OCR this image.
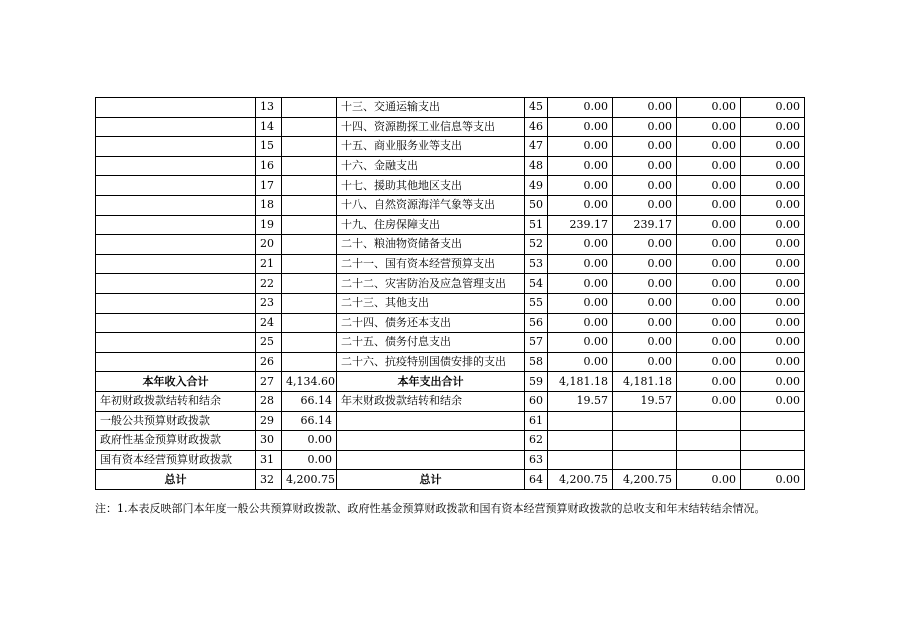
	13		十三、交通运输支出	45	0.00	0.00	0.00	0.00
	14		十四、资源勘探工业信息等支出	46	0.00	0.00	0.00	0.00
	15		十五、商业服务业等支出	47	0.00	0.00	0.00	0.00
	16		十六、金融支出	48	0.00	0.00	0.00	0.00
	17		十七、援助其他地区支出	49	0.00	0.00	0.00	0.00
	18		十八、自然资源海洋气象等支出	50	0.00	0.00	0.00	0.00
	19		十九、住房保障支出	51	239.17	239.17	0.00	0.00
	20		二十、粮油物资储备支出	52	0.00	0.00	0.00	0.00
	21		二十一、国有资本经营预算支出	53	0.00	0.00	0.00	0.00
	22		二十二、灾害防治及应急管理支出	54	0.00	0.00	0.00	0.00
	23		二十三、其他支出	55	0.00	0.00	0.00	0.00
	24		二十四、债务还本支出	56	0.00	0.00	0.00	0.00
	25		二十五、债务付息支出	57	0.00	0.00	0.00	0.00
	26		二十六、抗疫特别国债安排的支出	58	0.00	0.00	0.00	0.00
本年收入合计	27	4,134.60	本年支出合计	59	4,181.18	4,181.18	0.00	0.00
年初财政拨款结转和结余	28	66.14	年末财政拨款结转和结余	60	19.57	19.57	0.00	0.00
一般公共预算财政拨款	29	66.14		61				
政府性基金预算财政拨款	30	0.00		62				
国有资本经营预算财政拨款	31	0.00		63				
总计	32	4,200.75	总计	64	4,200.75	4,200.75	0.00	0.00
注：1.本表反映部门本年度一般公共预算财政拨款、政府性基金预算财政拨款和国有资本经营预算财政拨款的总收支和年末结转结余情况。
